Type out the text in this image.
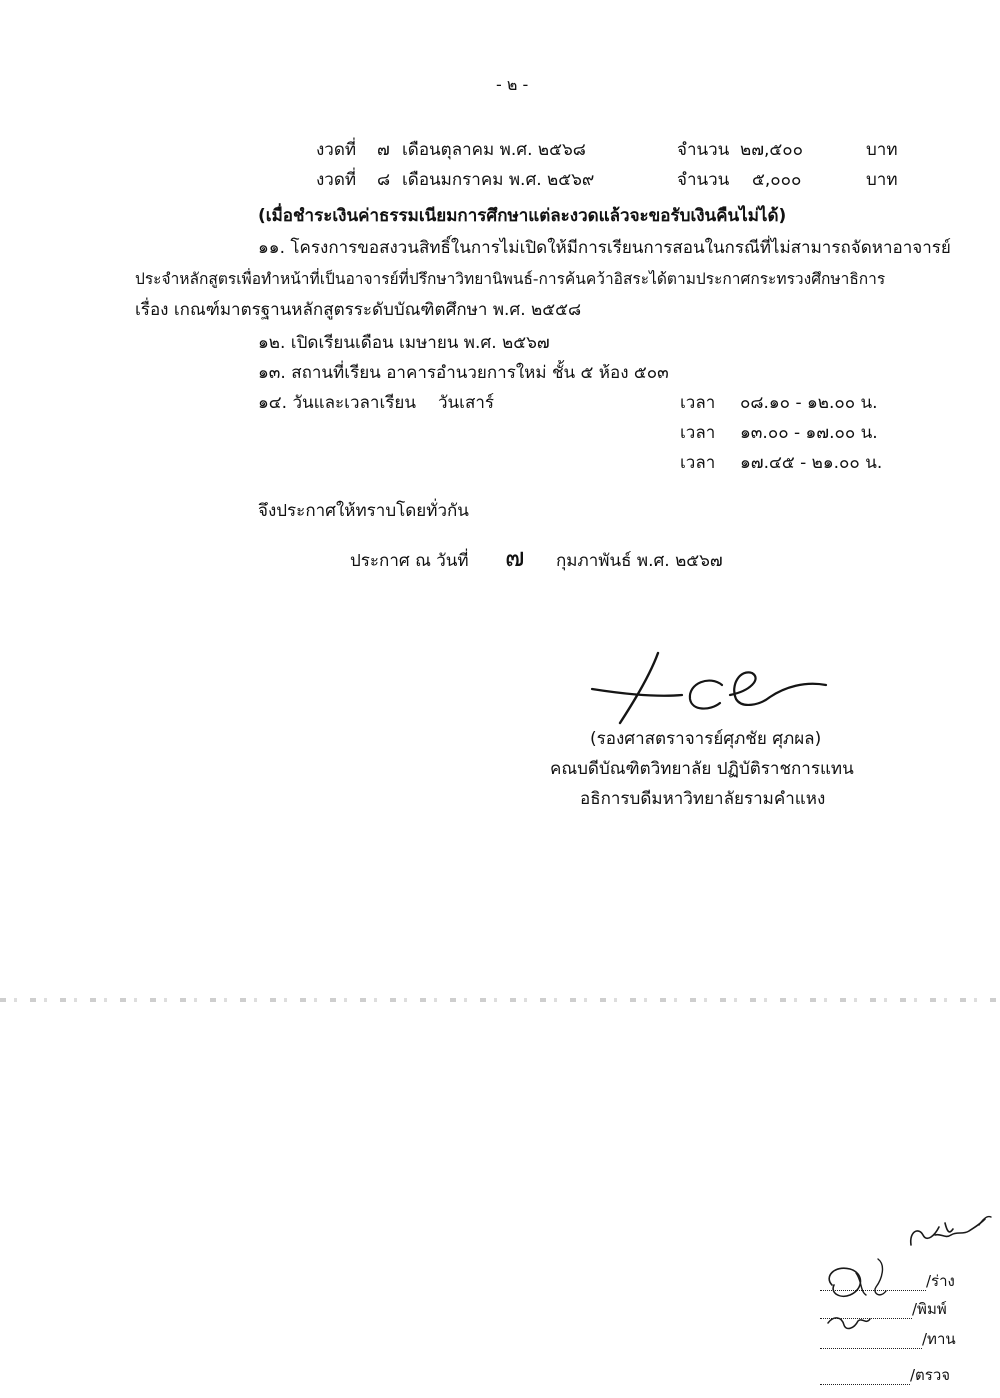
- ๒ -
งวดที่ ๗ เดือนตุลาคม พ.ศ. ๒๕๖๘	จำนวน ๒๗,๕๐๐	บาท
งวดที่ ๘ เดือนมกราคม พ.ศ. ๒๕๖๙	จำนวน ๕,๐๐๐	บาท
(เมื่อชำระเงินค่าธรรมเนียมการศึกษาแต่ละงวดแล้วจะขอรับเงินคืนไม่ได้)
๑๑. โครงการขอสงวนสิทธิ์ในการไม่เปิดให้มีการเรียนการสอนในกรณีที่ไม่สามารถจัดหาอาจารย์
ประจำหลักสูตรเพื่อทำหน้าที่เป็นอาจารย์ที่ปรึกษาวิทยานิพนธ์-การค้นคว้าอิสระได้ตามประกาศกระทรวงศึกษาธิการ
เรื่อง เกณฑ์มาตรฐานหลักสูตรระดับบัณฑิตศึกษา พ.ศ. ๒๕๕๘
๑๒. เปิดเรียนเดือน เมษายน พ.ศ. ๒๕๖๗
๑๓. สถานที่เรียน อาคารอำนวยการใหม่ ชั้น ๕ ห้อง ๕๐๓
๑๔. วันและเวลาเรียน วันเสาร์	เวลา ๐๘.๑๐ - ๑๒.๐๐ น.
เวลา ๑๓.๐๐ - ๑๗.๐๐ น.
เวลา ๑๗.๔๕ - ๒๑.๐๐ น.
จึงประกาศให้ทราบโดยทั่วกัน
ประกาศ ณ วันที่ ๗ กุมภาพันธ์ พ.ศ. ๒๕๖๗
(รองศาสตราจารย์ศุภชัย ศุภผล)
คณบดีบัณฑิตวิทยาลัย ปฏิบัติราชการแทน
อธิการบดีมหาวิทยาลัยรามคำแหง
/ร่าง
/พิมพ์
/ทาน
/ตรวจ
